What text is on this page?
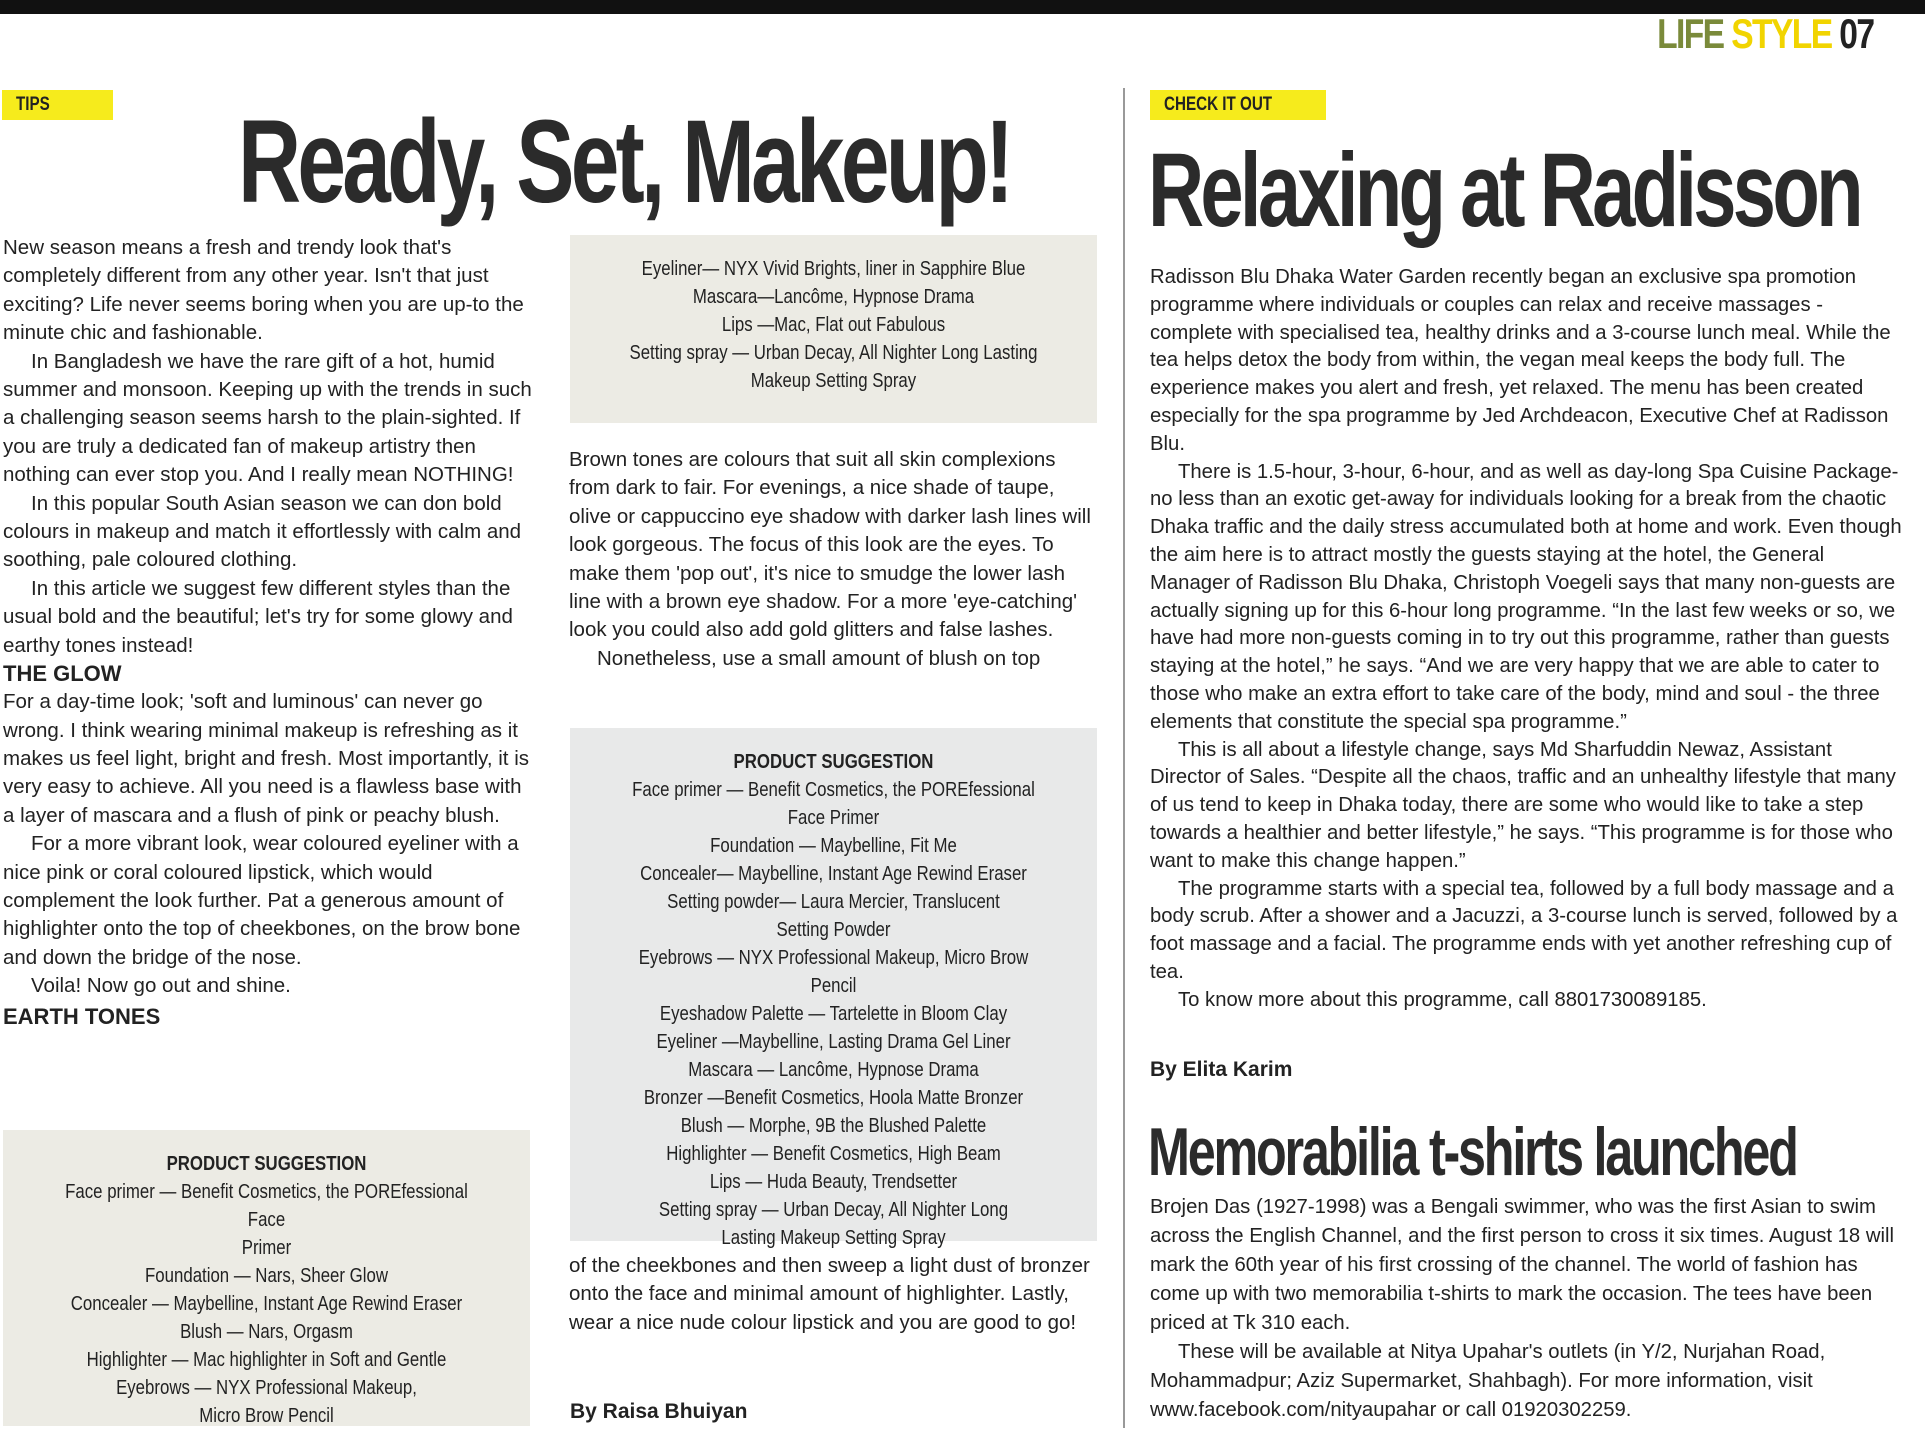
LIFE STYLE 07
TIPS	Ready, Set, Makeup!

New season means a fresh and trendy look that's completely different from any other year. Isn't that just exciting? Life never seems boring when you are up-to the minute chic and fashionable.

In Bangladesh we have the rare gift of a hot, humid summer and monsoon. Keeping up with the trends in such a challenging season seems harsh to the plain-sighted. If you are truly a dedicated fan of makeup artistry then nothing can ever stop you. And I really mean NOTHING!

In this popular South Asian season we can don bold colours in makeup and match it effortlessly with calm and soothing, pale coloured clothing.

In this article we suggest few different styles than the usual bold and the beautiful; let's try for some glowy and earthy tones instead!

THE GLOW

For a day-time look; 'soft and luminous' can never go wrong. I think wearing minimal makeup is refreshing as it makes us feel light, bright and fresh. Most importantly, it is very easy to achieve. All you need is a flawless base with a layer of mascara and a flush of pink or peachy blush.

For a more vibrant look, wear coloured eyeliner with a nice pink or coral coloured lipstick, which would complement the look further. Pat a generous amount of highlighter onto the top of cheekbones, on the brow bone and down the bridge of the nose.

Voila! Now go out and shine.

EARTH TONES
PRODUCT SUGGESTION
Face primer — Benefit Cosmetics, the POREfessional Face
Primer
Foundation — Nars, Sheer Glow
Concealer — Maybelline, Instant Age Rewind Eraser
Blush — Nars, Orgasm
Highlighter — Mac highlighter in Soft and Gentle
Eyebrows — NYX Professional Makeup,
Micro Brow Pencil
Eyeliner— NYX Vivid Brights, liner in Sapphire Blue
Mascara—Lancôme, Hypnose Drama
Lips —Mac, Flat out Fabulous
Setting spray — Urban Decay, All Nighter Long Lasting
Makeup Setting Spray

Brown tones are colours that suit all skin complexions from dark to fair. For evenings, a nice shade of taupe, olive or cappuccino eye shadow with darker lash lines will look gorgeous. The focus of this look are the eyes. To make them 'pop out', it's nice to smudge the lower lash line with a brown eye shadow. For a more 'eye-catching' look you could also add gold glitters and false lashes.

Nonetheless, use a small amount of blush on top

PRODUCT SUGGESTION
Face primer — Benefit Cosmetics, the POREfessional
Face Primer
Foundation — Maybelline, Fit Me
Concealer— Maybelline, Instant Age Rewind Eraser
Setting powder— Laura Mercier, Translucent
Setting Powder
Eyebrows — NYX Professional Makeup, Micro Brow Pencil
Eyeshadow Palette — Tartelette in Bloom Clay
Eyeliner —Maybelline, Lasting Drama Gel Liner
Mascara — Lancôme, Hypnose Drama
Bronzer —Benefit Cosmetics, Hoola Matte Bronzer
Blush — Morphe, 9B the Blushed Palette
Highlighter — Benefit Cosmetics, High Beam
Lips — Huda Beauty, Trendsetter
Setting spray — Urban Decay, All Nighter Long
Lasting Makeup Setting Spray

of the cheekbones and then sweep a light dust of bronzer onto the face and minimal amount of highlighter. Lastly, wear a nice nude colour lipstick and you are good to go!

By Raisa Bhuiyan
CHECK IT OUT
Relaxing at Radisson

Radisson Blu Dhaka Water Garden recently began an exclusive spa promotion programme where individuals or couples can relax and receive massages - complete with specialised tea, healthy drinks and a 3-course lunch meal. While the tea helps detox the body from within, the vegan meal keeps the body full. The experience makes you alert and fresh, yet relaxed. The menu has been created especially for the spa programme by Jed Archdeacon, Executive Chef at Radisson Blu.

There is 1.5-hour, 3-hour, 6-hour, and as well as day-long Spa Cuisine Package- no less than an exotic get-away for individuals looking for a break from the chaotic Dhaka traffic and the daily stress accumulated both at home and work. Even though the aim here is to attract mostly the guests staying at the hotel, the General Manager of Radisson Blu Dhaka, Christoph Voegeli says that many non-guests are actually signing up for this 6-hour long programme. “In the last few weeks or so, we have had more non-guests coming in to try out this programme, rather than guests staying at the hotel,” he says. “And we are very happy that we are able to cater to those who make an extra effort to take care of the body, mind and soul - the three elements that constitute the special spa programme.”

This is all about a lifestyle change, says Md Sharfuddin Newaz, Assistant Director of Sales. “Despite all the chaos, traffic and an unhealthy lifestyle that many of us tend to keep in Dhaka today, there are some who would like to take a step towards a healthier and better lifestyle,” he says. “This programme is for those who want to make this change happen.”

The programme starts with a special tea, followed by a full body massage and a body scrub. After a shower and a Jacuzzi, a 3-course lunch is served, followed by a foot massage and a facial. The programme ends with yet another refreshing cup of tea.

To know more about this programme, call 8801730089185.

By Elita Karim
Memorabilia t-shirts launched

Brojen Das (1927-1998) was a Bengali swimmer, who was the first Asian to swim across the English Channel, and the first person to cross it six times. August 18 will mark the 60th year of his first crossing of the channel. The world of fashion has come up with two memorabilia t-shirts to mark the occasion. The tees have been priced at Tk 310 each.

These will be available at Nitya Upahar's outlets (in Y/2, Nurjahan Road, Mohammadpur; Aziz Supermarket, Shahbagh). For more information, visit www.facebook.com/nityaupahar or call 01920302259.
